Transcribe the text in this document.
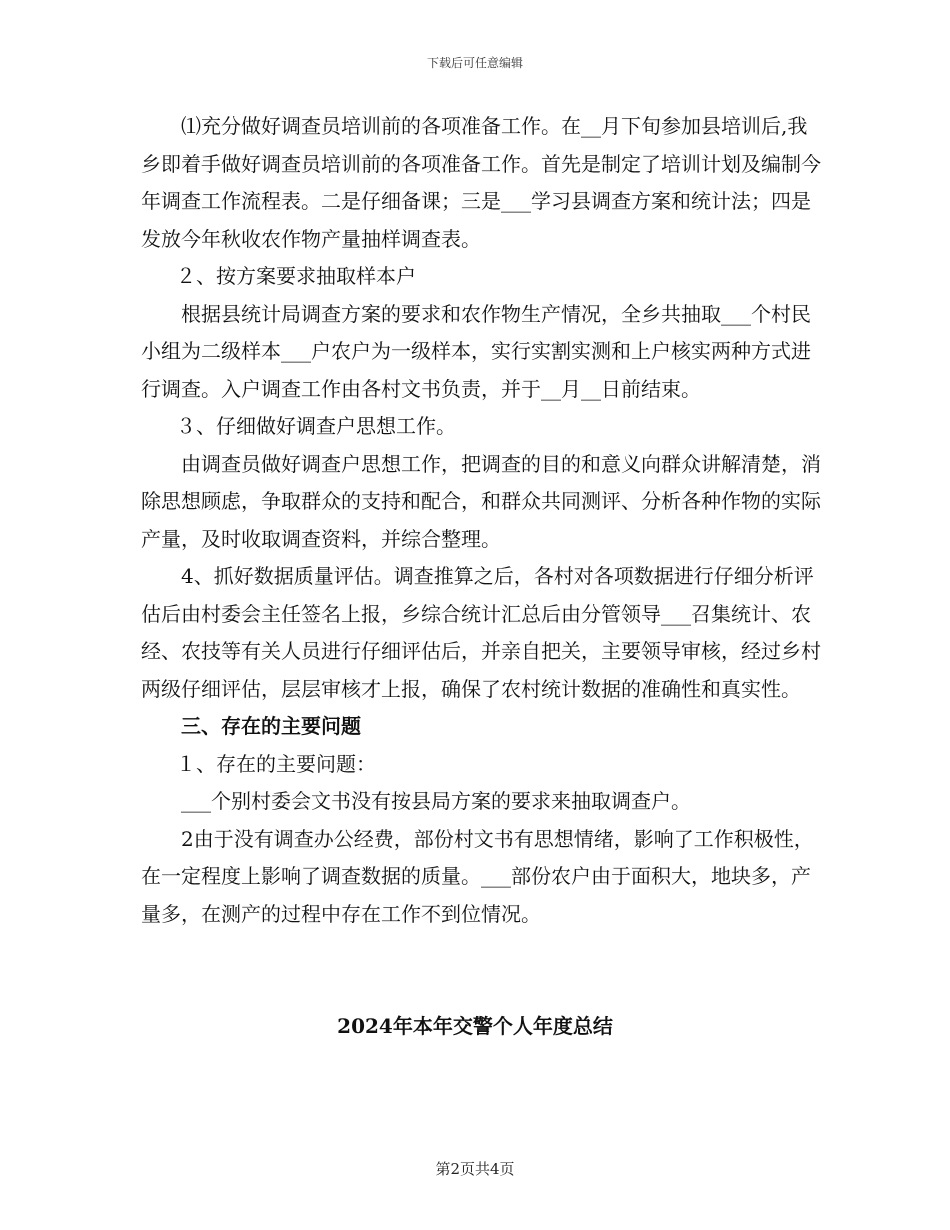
下载后可任意编辑

⑴充分做好调查员培训前的各项准备工作。在__月下旬参加县培训后,我乡即着手做好调查员培训前的各项准备工作。首先是制定了培训计划及编制今年调查工作流程表。二是仔细备课；三是___学习县调查方案和统计法；四是发放今年秋收农作物产量抽样调查表。

２、按方案要求抽取样本户

根据县统计局调查方案的要求和农作物生产情况，全乡共抽取___个村民小组为二级样本___户农户为一级样本，实行实割实测和上户核实两种方式进行调查。入户调查工作由各村文书负责，并于__月__日前结束。

３、仔细做好调查户思想工作。

由调查员做好调查户思想工作，把调查的目的和意义向群众讲解清楚，消除思想顾虑，争取群众的支持和配合，和群众共同测评、分析各种作物的实际产量，及时收取调查资料，并综合整理。

4、抓好数据质量评估。调查推算之后，各村对各项数据进行仔细分析评估后由村委会主任签名上报，乡综合统计汇总后由分管领导___召集统计、农经、农技等有关人员进行仔细评估后，并亲自把关，主要领导审核，经过乡村两级仔细评估，层层审核才上报，确保了农村统计数据的准确性和真实性。

三、存在的主要问题

１、存在的主要问题：

___个别村委会文书没有按县局方案的要求来抽取调查户。

2由于没有调查办公经费，部份村文书有思想情绪，影响了工作积极性，在一定程度上影响了调查数据的质量。___部份农户由于面积大，地块多，产量多，在测产的过程中存在工作不到位情况。

2024年本年交警个人年度总结
第2页共4页
